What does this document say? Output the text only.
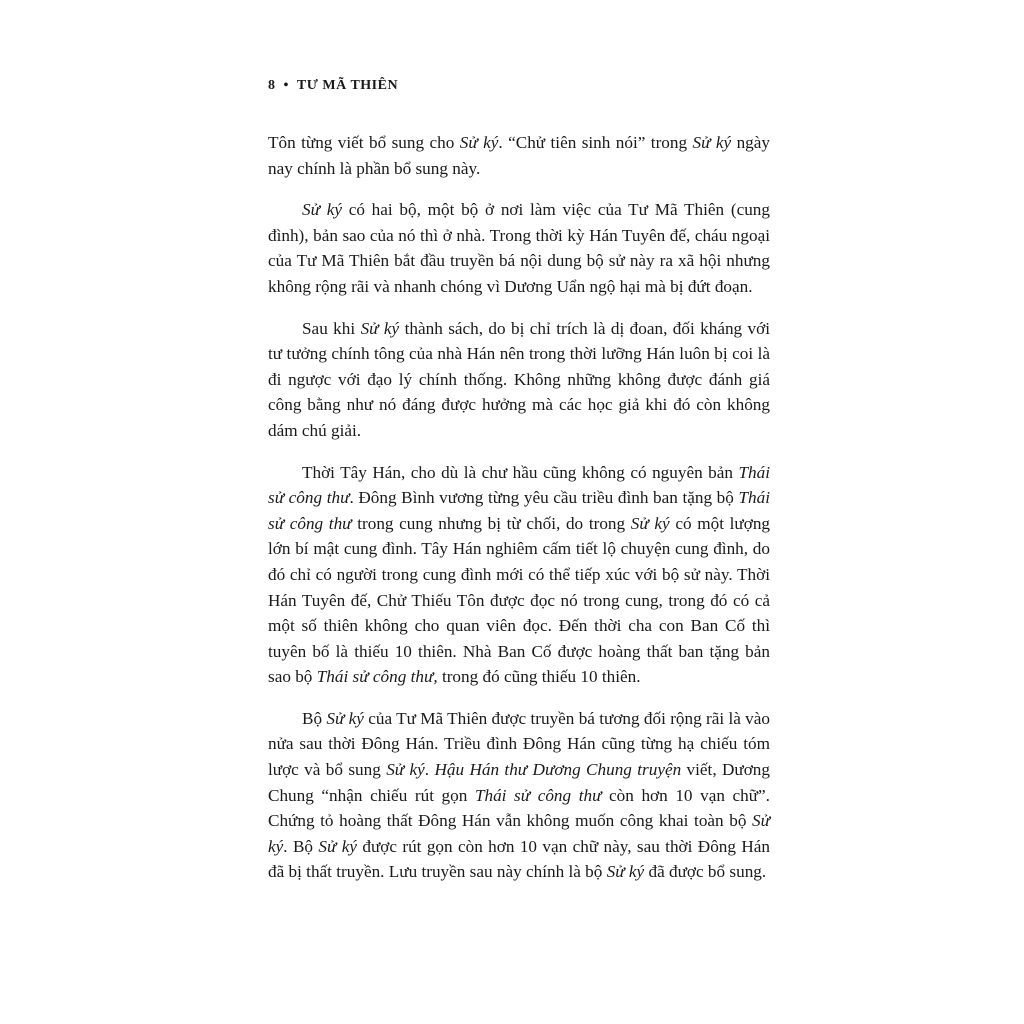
8 • TƯ MÃ THIÊN

Tôn từng viết bổ sung cho Sử ký. “Chử tiên sinh nói” trong Sử ký ngày nay chính là phần bổ sung này.

Sử ký có hai bộ, một bộ ở nơi làm việc của Tư Mã Thiên (cung đình), bản sao của nó thì ở nhà. Trong thời kỳ Hán Tuyên đế, cháu ngoại của Tư Mã Thiên bắt đầu truyền bá nội dung bộ sử này ra xã hội nhưng không rộng rãi và nhanh chóng vì Dương Uẩn ngộ hại mà bị đứt đoạn.

Sau khi Sử ký thành sách, do bị chỉ trích là dị đoan, đối kháng với tư tưởng chính tông của nhà Hán nên trong thời lưỡng Hán luôn bị coi là đi ngược với đạo lý chính thống. Không những không được đánh giá công bằng như nó đáng được hưởng mà các học giả khi đó còn không dám chú giải.

Thời Tây Hán, cho dù là chư hầu cũng không có nguyên bản Thái sử công thư. Đông Bình vương từng yêu cầu triều đình ban tặng bộ Thái sử công thư trong cung nhưng bị từ chối, do trong Sử ký có một lượng lớn bí mật cung đình. Tây Hán nghiêm cấm tiết lộ chuyện cung đình, do đó chỉ có người trong cung đình mới có thể tiếp xúc với bộ sử này. Thời Hán Tuyên đế, Chử Thiếu Tôn được đọc nó trong cung, trong đó có cả một số thiên không cho quan viên đọc. Đến thời cha con Ban Cố thì tuyên bố là thiếu 10 thiên. Nhà Ban Cố được hoàng thất ban tặng bản sao bộ Thái sử công thư, trong đó cũng thiếu 10 thiên.

Bộ Sử ký của Tư Mã Thiên được truyền bá tương đối rộng rãi là vào nửa sau thời Đông Hán. Triều đình Đông Hán cũng từng hạ chiếu tóm lược và bổ sung Sử ký. Hậu Hán thư Dương Chung truyện viết, Dương Chung “nhận chiếu rút gọn Thái sử công thư còn hơn 10 vạn chữ”. Chứng tỏ hoàng thất Đông Hán vẫn không muốn công khai toàn bộ Sử ký. Bộ Sử ký được rút gọn còn hơn 10 vạn chữ này, sau thời Đông Hán đã bị thất truyền. Lưu truyền sau này chính là bộ Sử ký đã được bổ sung.
